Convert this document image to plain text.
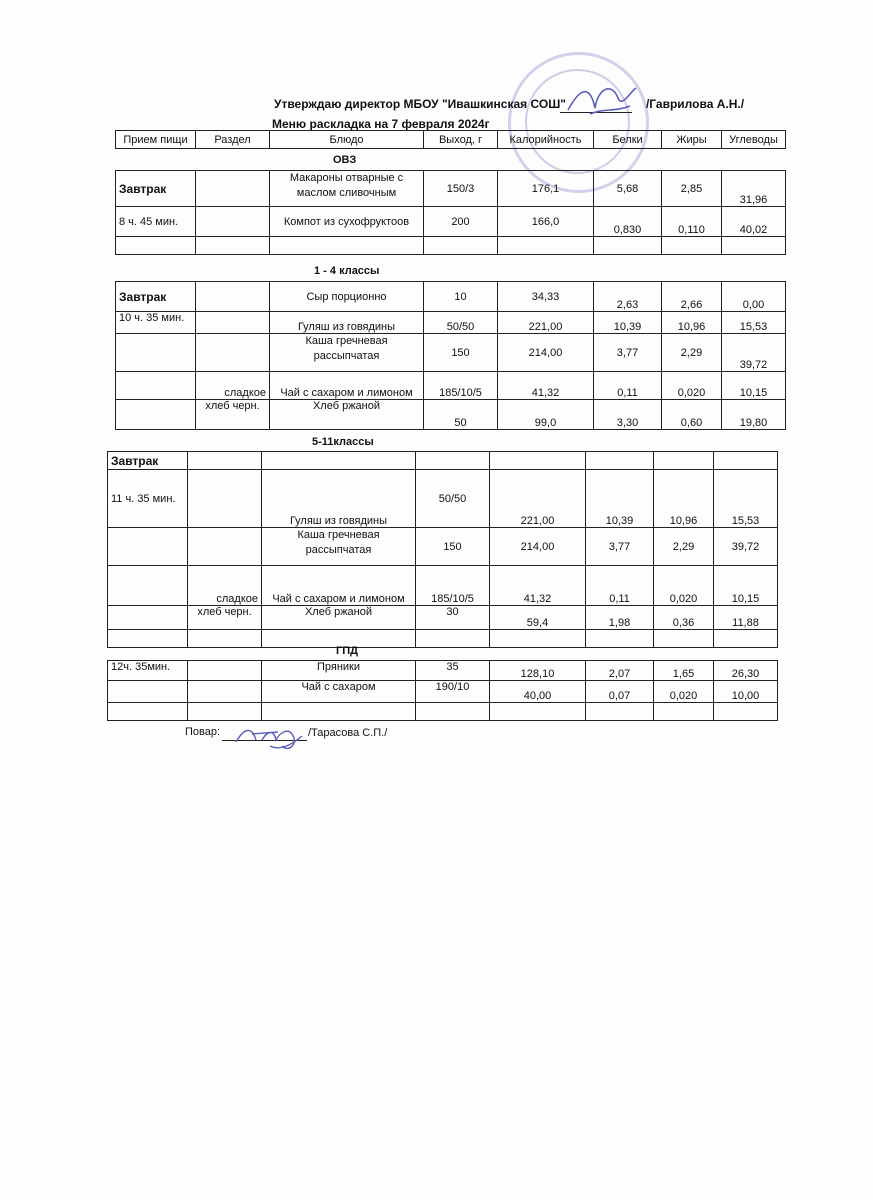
Утверждаю директор МБОУ "Ивашкинская СОШ"	/Гаврилова А.Н./
Меню раскладка на 7 февраля 2024г
Прием пищи	Раздел	Блюдо	Выход, г	Калорийность	Белки	Жиры	Углеводы
ОВЗ
Завтрак		Макароны отварные с
маслом сливочным	150/3	176,1	5,68	2,85	31,96
8 ч. 45 мин.		Компот из сухофруктоов	200	166,0	0,830	0,110	40,02

1 - 4 классы
Завтрак		Сыр порционно	10	34,33	2,63	2,66	0,00
10 ч. 35 мин.		Гуляш из говядины	50/50	221,00	10,39	10,96	15,53
		Каша гречневая
рассыпчатая	150	214,00	3,77	2,29	39,72
	сладкое	Чай с сахаром и лимоном	185/10/5	41,32	0,11	0,020	10,15
	хлеб черн.	Хлеб ржаной	50	99,0	3,30	0,60	19,80
5-11классы
Завтрак							
11 ч. 35 мин.		Гуляш из говядины	50/50	221,00	10,39	10,96	15,53
		Каша гречневая
рассыпчатая	150	214,00	3,77	2,29	39,72
	сладкое	Чай с сахаром и лимоном	185/10/5	41,32	0,11	0,020	10,15
	хлеб черн.	Хлеб ржаной	30	59,4	1,98	0,36	11,88

ГПД
12ч. 35мин.		Пряники	35	128,10	2,07	1,65	26,30
		Чай с сахаром	190/10	40,00	0,07	0,020	10,00

Повар:	/Тарасова С.П./
